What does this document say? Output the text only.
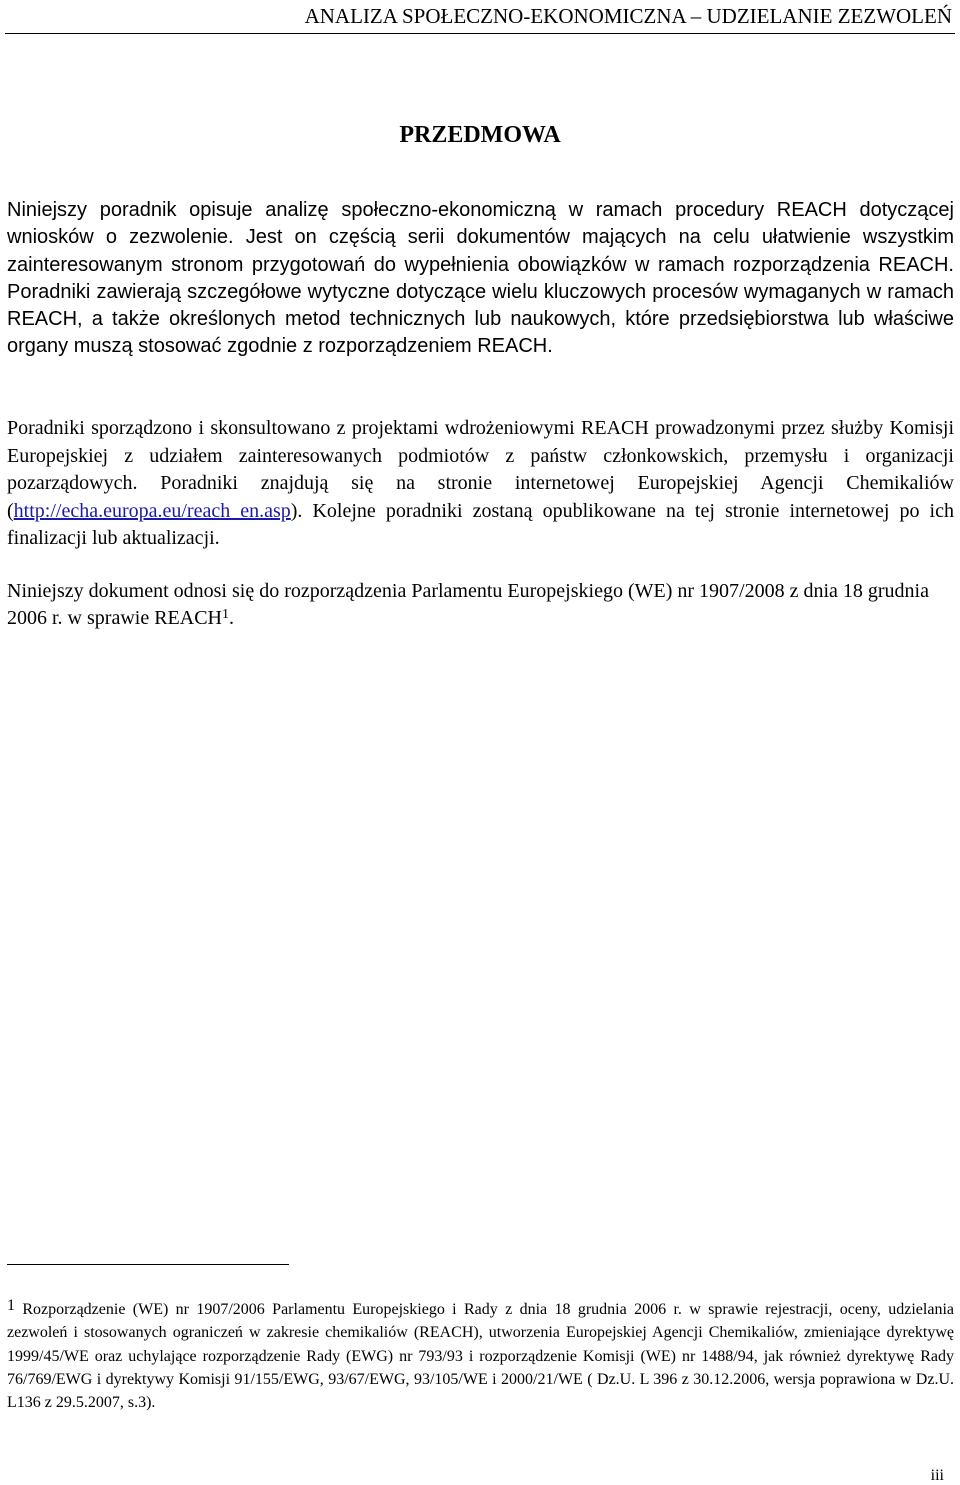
ANALIZA SPOŁECZNO-EKONOMICZNA – UDZIELANIE ZEZWOLEŃ
PRZEDMOWA

Niniejszy poradnik opisuje analizę społeczno-ekonomiczną w ramach procedury REACH dotyczącej wniosków o zezwolenie. Jest on częścią serii dokumentów mających na celu ułatwienie wszystkim zainteresowanym stronom przygotowań do wypełnienia obowiązków w ramach rozporządzenia REACH. Poradniki zawierają szczegółowe wytyczne dotyczące wielu kluczowych procesów wymaganych w ramach REACH, a także określonych metod technicznych lub naukowych, które przedsiębiorstwa lub właściwe organy muszą stosować zgodnie z rozporządzeniem REACH.

Poradniki sporządzono i skonsultowano z projektami wdrożeniowymi REACH prowadzonymi przez służby Komisji Europejskiej z udziałem zainteresowanych podmiotów z państw członkowskich, przemysłu i organizacji pozarządowych. Poradniki znajdują się na stronie internetowej Europejskiej Agencji Chemikaliów (http://echa.europa.eu/reach_en.asp). Kolejne poradniki zostaną opublikowane na tej stronie internetowej po ich finalizacji lub aktualizacji.

Niniejszy dokument odnosi się do rozporządzenia Parlamentu Europejskiego (WE) nr 1907/2008 z dnia 18 grudnia 2006 r. w sprawie REACH$^1$.

1 Rozporządzenie (WE) nr 1907/2006 Parlamentu Europejskiego i Rady z dnia 18 grudnia 2006 r. w sprawie rejestracji, oceny, udzielania zezwoleń i stosowanych ograniczeń w zakresie chemikaliów (REACH), utworzenia Europejskiej Agencji Chemikaliów, zmieniające dyrektywę 1999/45/WE oraz uchylające rozporządzenie Rady (EWG) nr 793/93 i rozporządzenie Komisji (WE) nr 1488/94, jak również dyrektywę Rady 76/769/EWG i dyrektywy Komisji 91/155/EWG, 93/67/EWG, 93/105/WE i 2000/21/WE ( Dz.U. L 396 z 30.12.2006, wersja poprawiona w Dz.U. L136 z 29.5.2007, s.3).

iii
